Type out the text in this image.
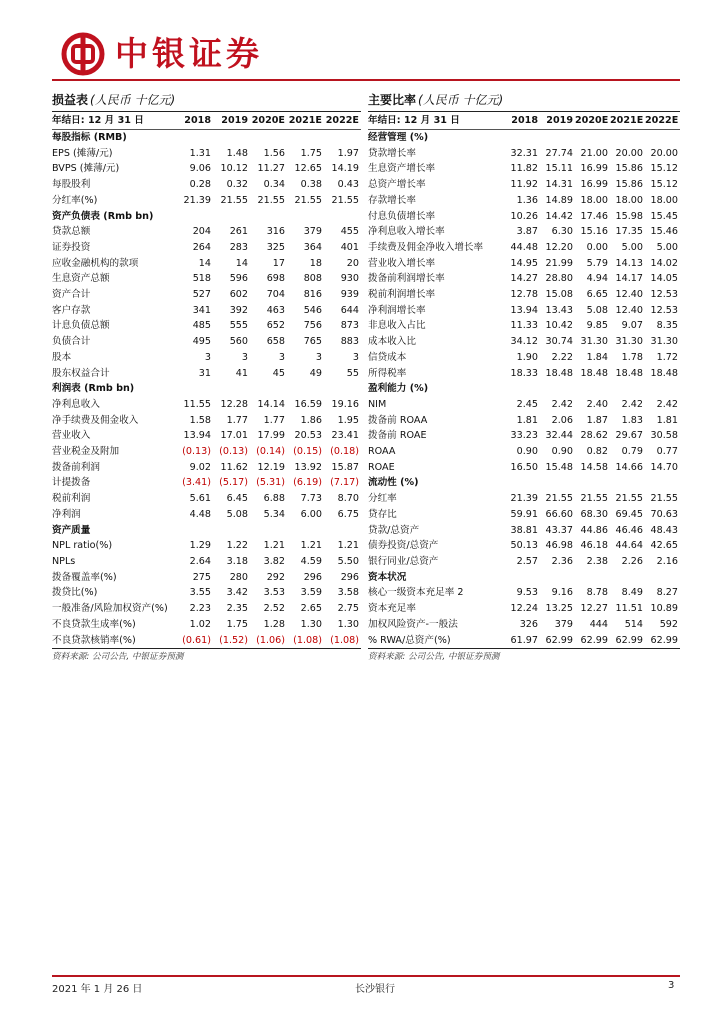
中银证券
损益表 (人民币 十亿元)
年结日: 12 月 31 日	2018	2019	2020E	2021E	2022E
每股指标 (RMB)					
EPS (摊薄/元)	1.31	1.48	1.56	1.75	1.97
BVPS (摊薄/元)	9.06	10.12	11.27	12.65	14.19
每股股利	0.28	0.32	0.34	0.38	0.43
分红率(%)	21.39	21.55	21.55	21.55	21.55
资产负债表 (Rmb bn)					
贷款总额	204	261	316	379	455
证券投资	264	283	325	364	401
应收金融机构的款项	14	14	17	18	20
生息资产总额	518	596	698	808	930
资产合计	527	602	704	816	939
客户存款	341	392	463	546	644
计息负债总额	485	555	652	756	873
负债合计	495	560	658	765	883
股本	3	3	3	3	3
股东权益合计	31	41	45	49	55
利润表 (Rmb bn)					
净利息收入	11.55	12.28	14.14	16.59	19.16
净手续费及佣金收入	1.58	1.77	1.77	1.86	1.95
营业收入	13.94	17.01	17.99	20.53	23.41
营业税金及附加	(0.13)	(0.13)	(0.14)	(0.15)	(0.18)
拨备前利润	9.02	11.62	12.19	13.92	15.87
计提拨备	(3.41)	(5.17)	(5.31)	(6.19)	(7.17)
税前利润	5.61	6.45	6.88	7.73	8.70
净利润	4.48	5.08	5.34	6.00	6.75
资产质量					
NPL ratio(%)	1.29	1.22	1.21	1.21	1.21
NPLs	2.64	3.18	3.82	4.59	5.50
拨备覆盖率(%)	275	280	292	296	296
拨贷比(%)	3.55	3.42	3.53	3.59	3.58
一般准备/风险加权资产(%)	2.23	2.35	2.52	2.65	2.75
不良贷款生成率(%)	1.02	1.75	1.28	1.30	1.30
不良贷款核销率(%)	(0.61)	(1.52)	(1.06)	(1.08)	(1.08)
资料来源: 公司公告, 中银证券预测
主要比率 (人民币 十亿元)
年结日: 12 月 31 日	2018	2019	2020E	2021E	2022E
经营管理 (%)					
贷款增长率	32.31	27.74	21.00	20.00	20.00
生息资产增长率	11.82	15.11	16.99	15.86	15.12
总资产增长率	11.92	14.31	16.99	15.86	15.12
存款增长率	1.36	14.89	18.00	18.00	18.00
付息负债增长率	10.26	14.42	17.46	15.98	15.45
净利息收入增长率	3.87	6.30	15.16	17.35	15.46
手续费及佣金净收入增长率	44.48	12.20	0.00	5.00	5.00
营业收入增长率	14.95	21.99	5.79	14.13	14.02
拨备前利润增长率	14.27	28.80	4.94	14.17	14.05
税前利润增长率	12.78	15.08	6.65	12.40	12.53
净利润增长率	13.94	13.43	5.08	12.40	12.53
非息收入占比	11.33	10.42	9.85	9.07	8.35
成本收入比	34.12	30.74	31.30	31.30	31.30
信贷成本	1.90	2.22	1.84	1.78	1.72
所得税率	18.33	18.48	18.48	18.48	18.48
盈利能力 (%)					
NIM	2.45	2.42	2.40	2.42	2.42
拨备前 ROAA	1.81	2.06	1.87	1.83	1.81
拨备前 ROAE	33.23	32.44	28.62	29.67	30.58
ROAA	0.90	0.90	0.82	0.79	0.77
ROAE	16.50	15.48	14.58	14.66	14.70
流动性 (%)					
分红率	21.39	21.55	21.55	21.55	21.55
贷存比	59.91	66.60	68.30	69.45	70.63
贷款/总资产	38.81	43.37	44.86	46.46	48.43
债券投资/总资产	50.13	46.98	46.18	44.64	42.65
银行同业/总资产	2.57	2.36	2.38	2.26	2.16
资本状况					
核心一级资本充足率 2	9.53	9.16	8.78	8.49	8.27
资本充足率	12.24	13.25	12.27	11.51	10.89
加权风险资产-一般法	326	379	444	514	592
% RWA/总资产(%)	61.97	62.99	62.99	62.99	62.99
资料来源: 公司公告, 中银证券预测
2021 年 1 月 26 日	长沙银行	3
